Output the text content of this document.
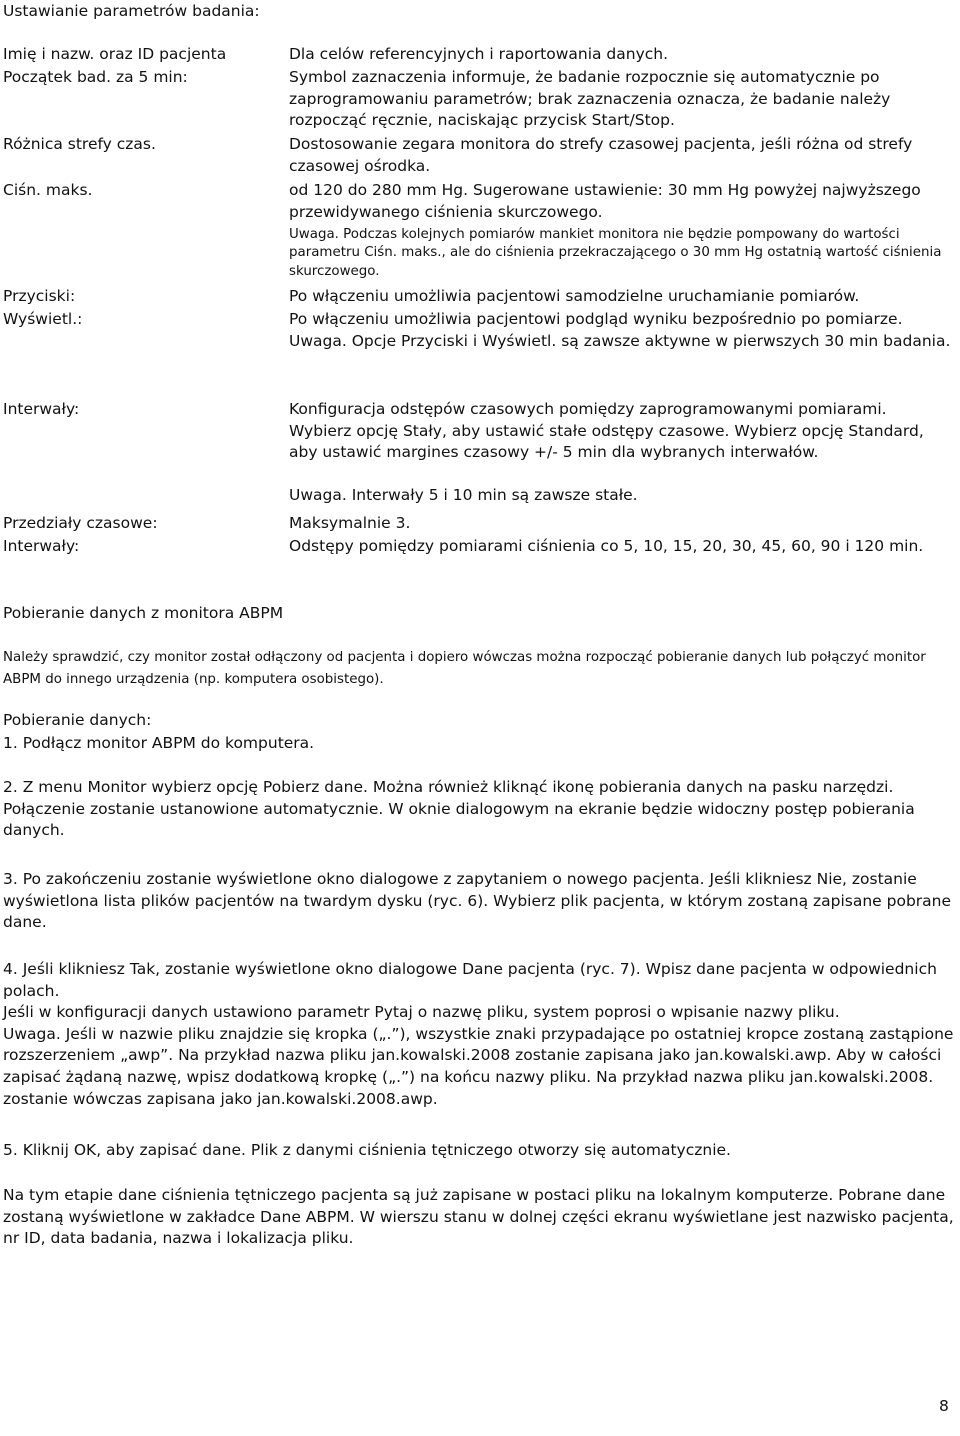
Ustawianie parametrów badania:
Imię i nazw. oraz ID pacjenta	Dla celów referencyjnych i raportowania danych.

Początek bad. za 5 min:	Symbol zaznaczenia informuje, że badanie rozpocznie się automatycznie po zaprogramowaniu parametrów; brak zaznaczenia oznacza, że badanie należy rozpocząć ręcznie, naciskając przycisk Start/Stop.

Różnica strefy czas.	Dostosowanie zegara monitora do strefy czasowej pacjenta, jeśli różna od strefy czasowej ośrodka.

Ciśn. maks.	od 120 do 280 mm Hg. Sugerowane ustawienie: 30 mm Hg powyżej najwyższego przewidywanego ciśnienia skurczowego.

Uwaga. Podczas kolejnych pomiarów mankiet monitora nie będzie pompowany do wartości parametru Ciśn. maks., ale do ciśnienia przekraczającego o 30 mm Hg ostatnią wartość ciśnienia skurczowego.

Przyciski:	Po włączeniu umożliwia pacjentowi samodzielne uruchamianie pomiarów.

Wyświetl.:	Po włączeniu umożliwia pacjentowi podgląd wyniku bezpośrednio po pomiarze.

Uwaga. Opcje Przyciski i Wyświetl. są zawsze aktywne w pierwszych 30 min badania.

Interwały:	Konfiguracja odstępów czasowych pomiędzy zaprogramowanymi pomiarami. Wybierz opcję Stały, aby ustawić stałe odstępy czasowe. Wybierz opcję Standard, aby ustawić margines czasowy +/- 5 min dla wybranych interwałów.

Uwaga. Interwały 5 i 10 min są zawsze stałe.

Przedziały czasowe:	Maksymalnie 3.

Interwały:	Odstępy pomiędzy pomiarami ciśnienia co 5, 10, 15, 20, 30, 45, 60, 90 i 120 min.

Pobieranie danych z monitora ABPM

Należy sprawdzić, czy monitor został odłączony od pacjenta i dopiero wówczas można rozpocząć pobieranie danych lub połączyć monitor ABPM do innego urządzenia (np. komputera osobistego).

Pobieranie danych:
1. Podłącz monitor ABPM do komputera.

2. Z menu Monitor wybierz opcję Pobierz dane. Można również kliknąć ikonę pobierania danych na pasku narzędzi. Połączenie zostanie ustanowione automatycznie. W oknie dialogowym na ekranie będzie widoczny postęp pobierania danych.

3. Po zakończeniu zostanie wyświetlone okno dialogowe z zapytaniem o nowego pacjenta. Jeśli klikniesz Nie, zostanie wyświetlona lista plików pacjentów na twardym dysku (ryc. 6). Wybierz plik pacjenta, w którym zostaną zapisane pobrane dane.

4. Jeśli klikniesz Tak, zostanie wyświetlone okno dialogowe Dane pacjenta (ryc. 7). Wpisz dane pacjenta w odpowiednich polach.

Jeśli w konfiguracji danych ustawiono parametr Pytaj o nazwę pliku, system poprosi o wpisanie nazwy pliku.

Uwaga. Jeśli w nazwie pliku znajdzie się kropka („.”), wszystkie znaki przypadające po ostatniej kropce zostaną zastąpione rozszerzeniem „awp”. Na przykład nazwa pliku jan.kowalski.2008 zostanie zapisana jako jan.kowalski.awp. Aby w całości zapisać żądaną nazwę, wpisz dodatkową kropkę („.”) na końcu nazwy pliku. Na przykład nazwa pliku jan.kowalski.2008. zostanie wówczas zapisana jako jan.kowalski.2008.awp.

5. Kliknij OK, aby zapisać dane. Plik z danymi ciśnienia tętniczego otworzy się automatycznie.

Na tym etapie dane ciśnienia tętniczego pacjenta są już zapisane w postaci pliku na lokalnym komputerze. Pobrane dane zostaną wyświetlone w zakładce Dane ABPM. W wierszu stanu w dolnej części ekranu wyświetlane jest nazwisko pacjenta, nr ID, data badania, nazwa i lokalizacja pliku.

8
